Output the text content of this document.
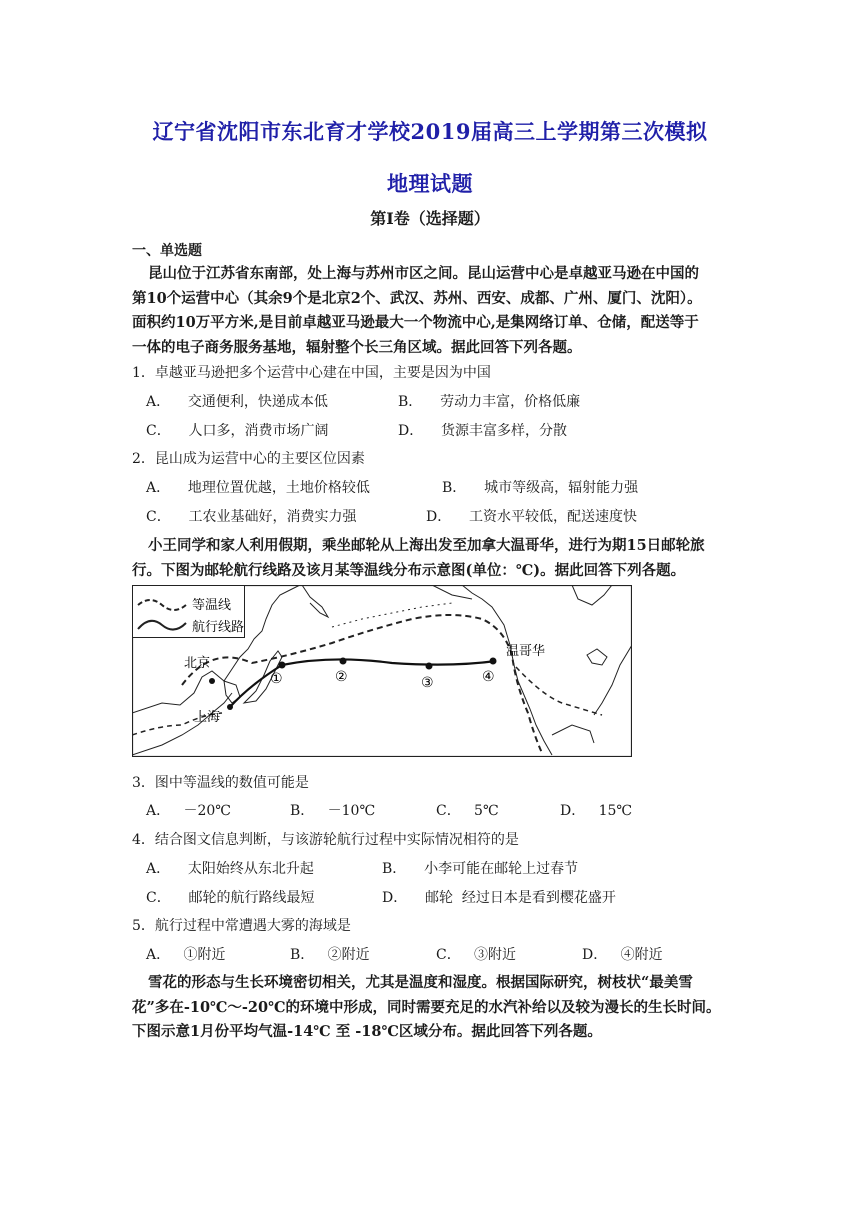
辽宁省沈阳市东北育才学校2019届高三上学期第三次模拟
地理试题
第Ⅰ卷（选择题）
一、单选题
昆山位于江苏省东南部，处上海与苏州市区之间。昆山运营中心是卓越亚马逊在中国的
第10个运营中心（其余9个是北京2个、武汉、苏州、西安、成都、广州、厦门、沈阳）。
面积约10万平方米,是目前卓越亚马逊最大一个物流中心,是集网络订单、仓储，配送等于
一体的电子商务服务基地，辐射整个长三角区域。据此回答下列各题。
1．卓越亚马逊把多个运营中心建在中国，主要是因为中国
A．    交通便利，快递成本低	B．    劳动力丰富，价格低廉
C．    人口多，消费市场广阔	D．    货源丰富多样，分散
2．昆山成为运营中心的主要区位因素
A．    地理位置优越，土地价格较低	B．    城市等级高，辐射能力强
C．    工农业基础好，消费实力强	D．    工资水平较低，配送速度快
小王同学和家人利用假期，乘坐邮轮从上海出发至加拿大温哥华，进行为期15日邮轮旅
行。下图为邮轮航行线路及该月某等温线分布示意图(单位：℃)。据此回答下列各题。
等温线
航行线路
①	②	③	④
北京
上海
温哥华
3．图中等温线的数值可能是
A．   －20℃	B．   －10℃	C．   5℃	D．   15℃
4．结合图文信息判断，与该游轮航行过程中实际情况相符的是
A．    太阳始终从东北升起	B．    小李可能在邮轮上过春节
C．    邮轮的航行路线最短	D．    邮轮  经过日本是看到樱花盛开
5．航行过程中常遭遇大雾的海域是
A．   ①附近	B．   ②附近	C．   ③附近	D．   ④附近
雪花的形态与生长环境密切相关，尤其是温度和湿度。根据国际研究，树枝状“最美雪
花”多在-10℃～-20℃的环境中形成，同时需要充足的水汽补给以及较为漫长的生长时间。
下图示意1月份平均气温-14℃ 至 -18℃区域分布。据此回答下列各题。
